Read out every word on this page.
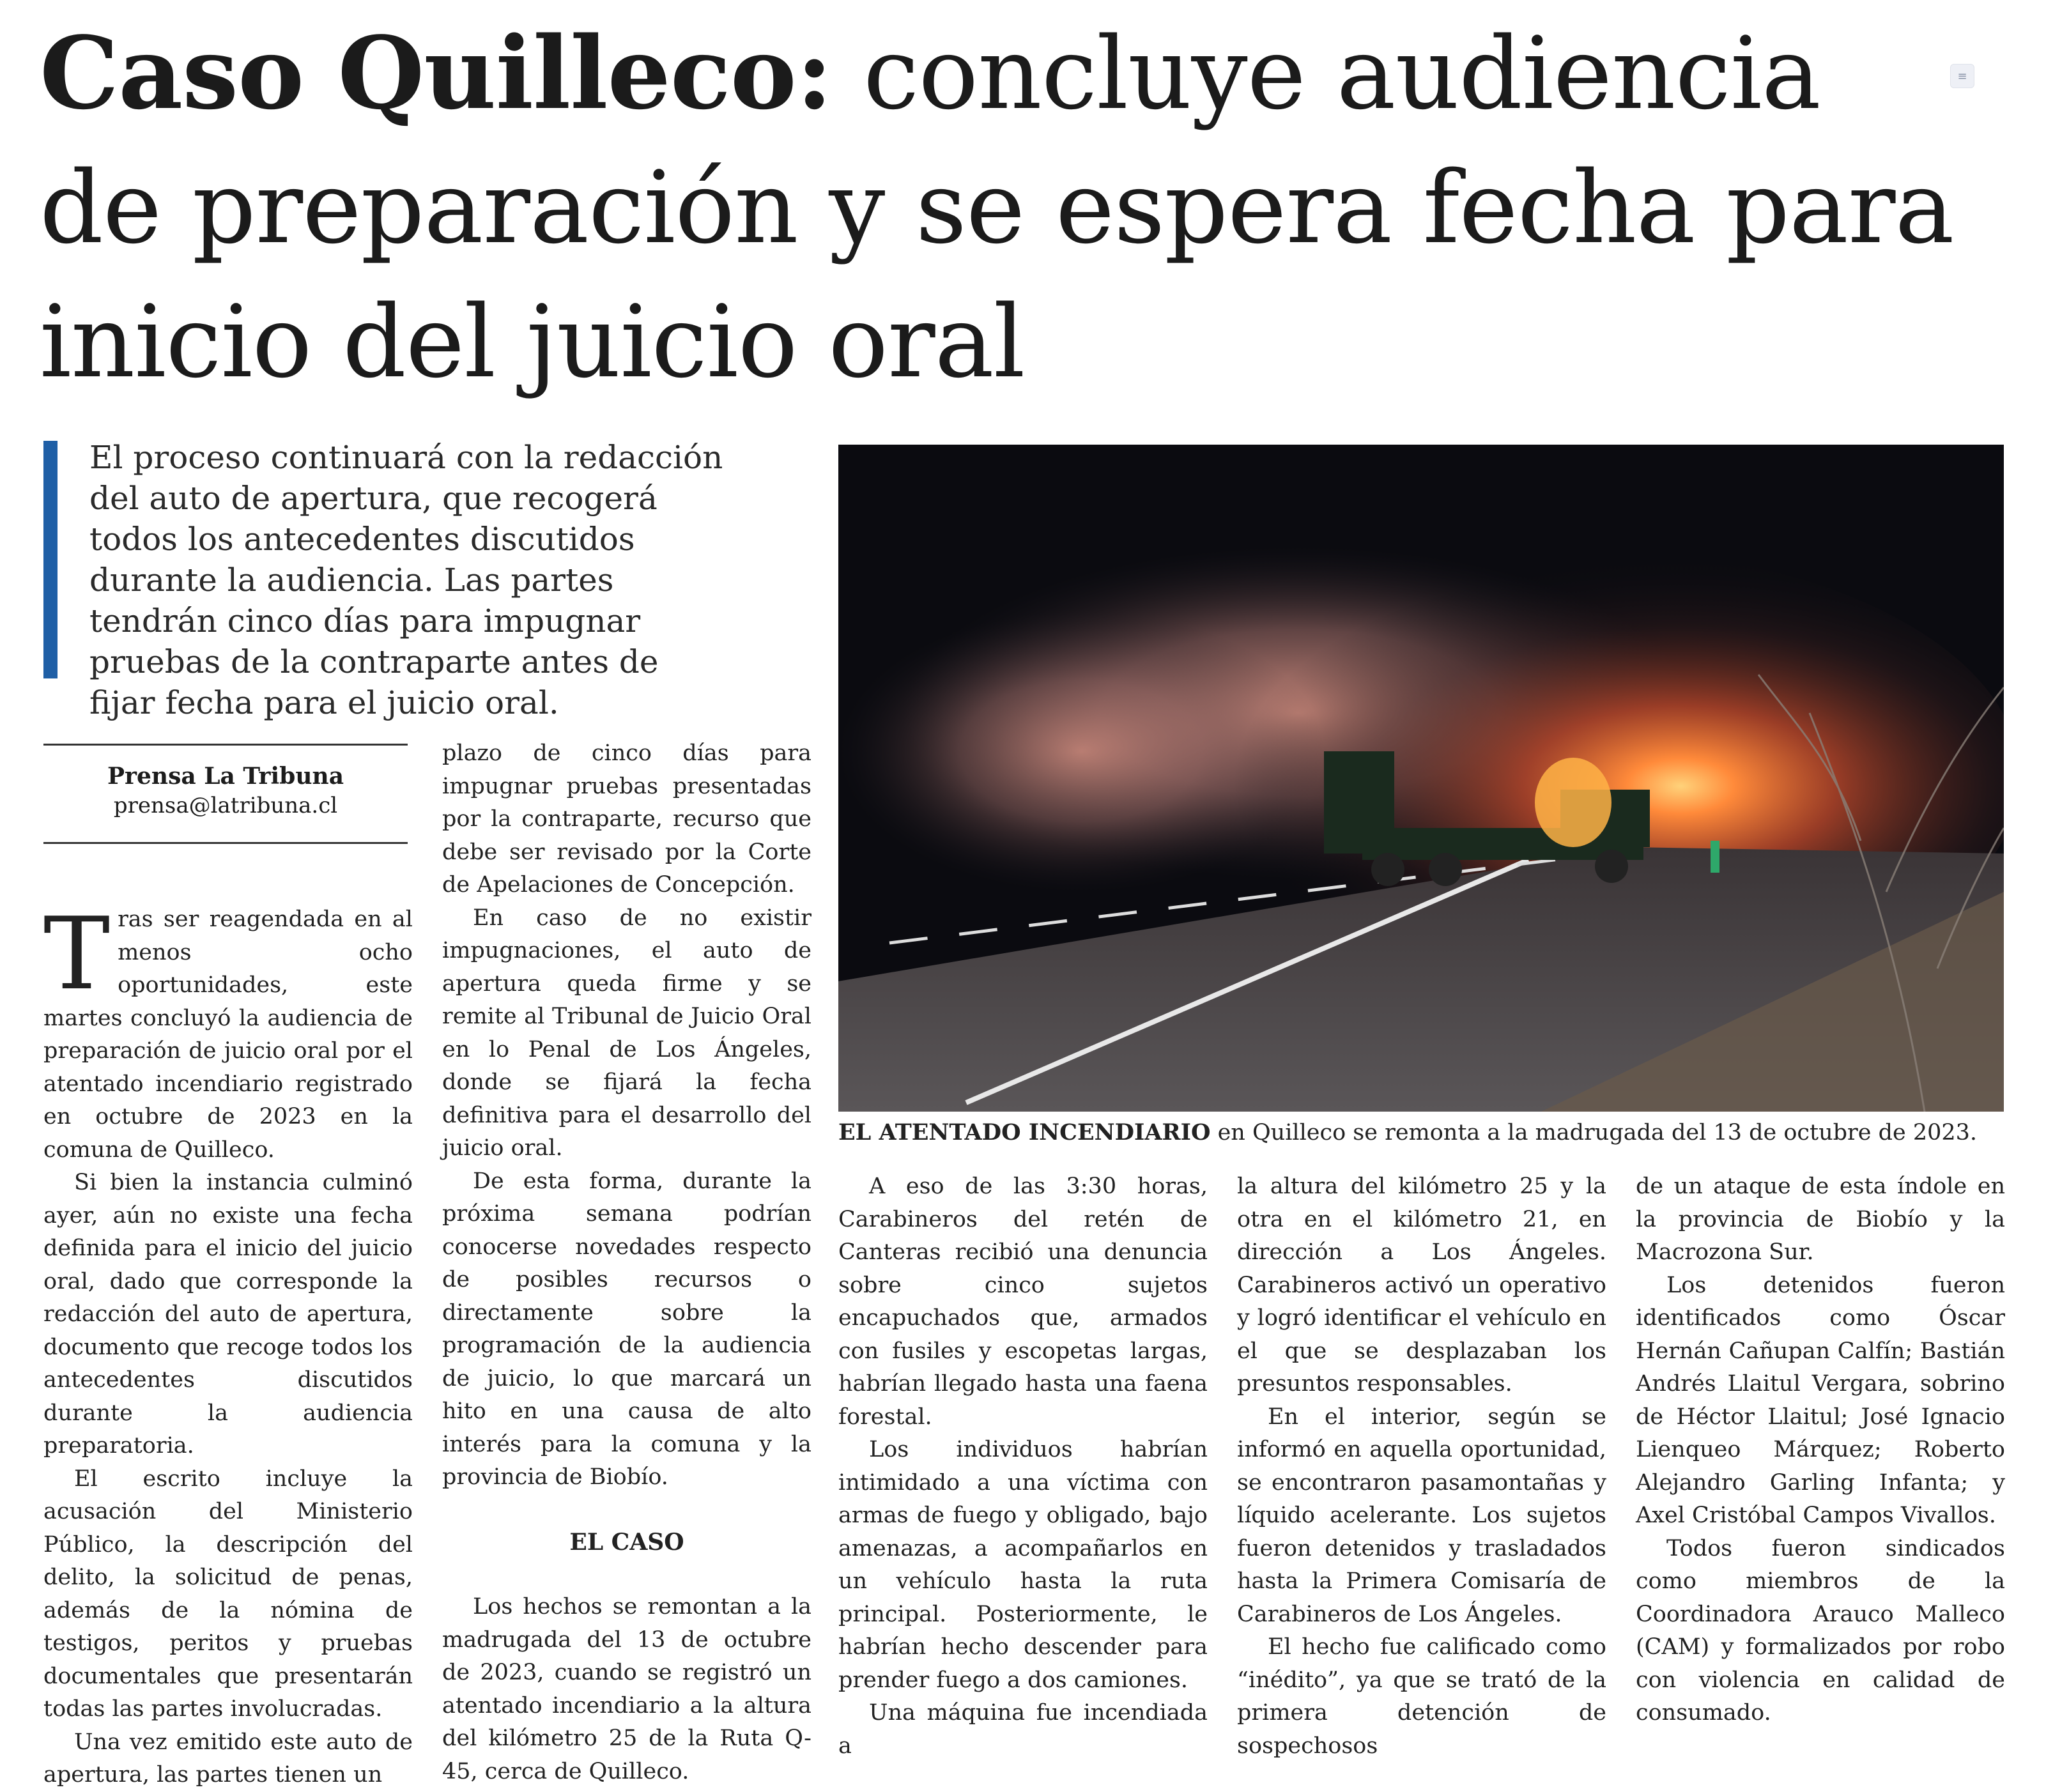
Caso Quilleco: concluye audiencia de preparación y se espera fecha para inicio del juicio oral
≡
El proceso continuará con la redacción del auto de apertura, que recogerá todos los antecedentes discutidos durante la audiencia. Las partes tendrán cinco días para impugnar pruebas de la contraparte antes de fijar fecha para el juicio oral.
Prensa La Tribuna
prensa@latribuna.cl

Tras ser reagendada en al menos ocho oportunidades, este martes concluyó la audiencia de preparación de juicio oral por el atentado incendiario registrado en octubre de 2023 en la comuna de Quilleco.

Si bien la instancia culminó ayer, aún no existe una fecha definida para el inicio del juicio oral, dado que corresponde la redacción del auto de apertura, documento que recoge todos los antecedentes discutidos durante la audiencia preparatoria.

El escrito incluye la acusación del Ministerio Público, la descripción del delito, la solicitud de penas, además de la nómina de testigos, peritos y pruebas documentales que presentarán todas las partes involucradas.

Una vez emitido este auto de apertura, las partes tienen un

plazo de cinco días para impugnar pruebas presentadas por la contraparte, recurso que debe ser revisado por la Corte de Apelaciones de Concepción.

En caso de no existir impugnaciones, el auto de apertura queda firme y se remite al Tribunal de Juicio Oral en lo Penal de Los Ángeles, donde se fijará la fecha definitiva para el desarrollo del juicio oral.

De esta forma, durante la próxima semana podrían conocerse novedades respecto de posibles recursos o directamente sobre la programación de la audiencia de juicio, lo que marcará un hito en una causa de alto interés para la comuna y la provincia de Biobío.

EL CASO

Los hechos se remontan a la madrugada del 13 de octubre de 2023, cuando se registró un atentado incendiario a la altura del kilómetro 25 de la Ruta Q-45, cerca de Quilleco.

EL ATENTADO INCENDIARIO en Quilleco se remonta a la madrugada del 13 de octubre de 2023.

A eso de las 3:30 horas, Carabineros del retén de Canteras recibió una denuncia sobre cinco sujetos encapuchados que, armados con fusiles y escopetas largas, habrían llegado hasta una faena forestal.

Los individuos habrían intimidado a una víctima con armas de fuego y obligado, bajo amenazas, a acompañarlos en un vehículo hasta la ruta principal. Posteriormente, le habrían hecho descender para prender fuego a dos camiones.

Una máquina fue incendiada a

la altura del kilómetro 25 y la otra en el kilómetro 21, en dirección a Los Ángeles. Carabineros activó un operativo y logró identificar el vehículo en el que se desplazaban los presuntos responsables.

En el interior, según se informó en aquella oportunidad, se encontraron pasamontañas y líquido acelerante. Los sujetos fueron detenidos y trasladados hasta la Primera Comisaría de Carabineros de Los Ángeles.

El hecho fue calificado como “inédito”, ya que se trató de la primera detención de sospechosos

de un ataque de esta índole en la provincia de Biobío y la Macrozona Sur.

Los detenidos fueron identificados como Óscar Hernán Cañupan Calfín; Bastián Andrés Llaitul Vergara, sobrino de Héctor Llaitul; José Ignacio Lienqueo Márquez; Roberto Alejandro Garling Infanta; y Axel Cristóbal Campos Vivallos.

Todos fueron sindicados como miembros de la Coordinadora Arauco Malleco (CAM) y formalizados por robo con violencia en calidad de consumado.
